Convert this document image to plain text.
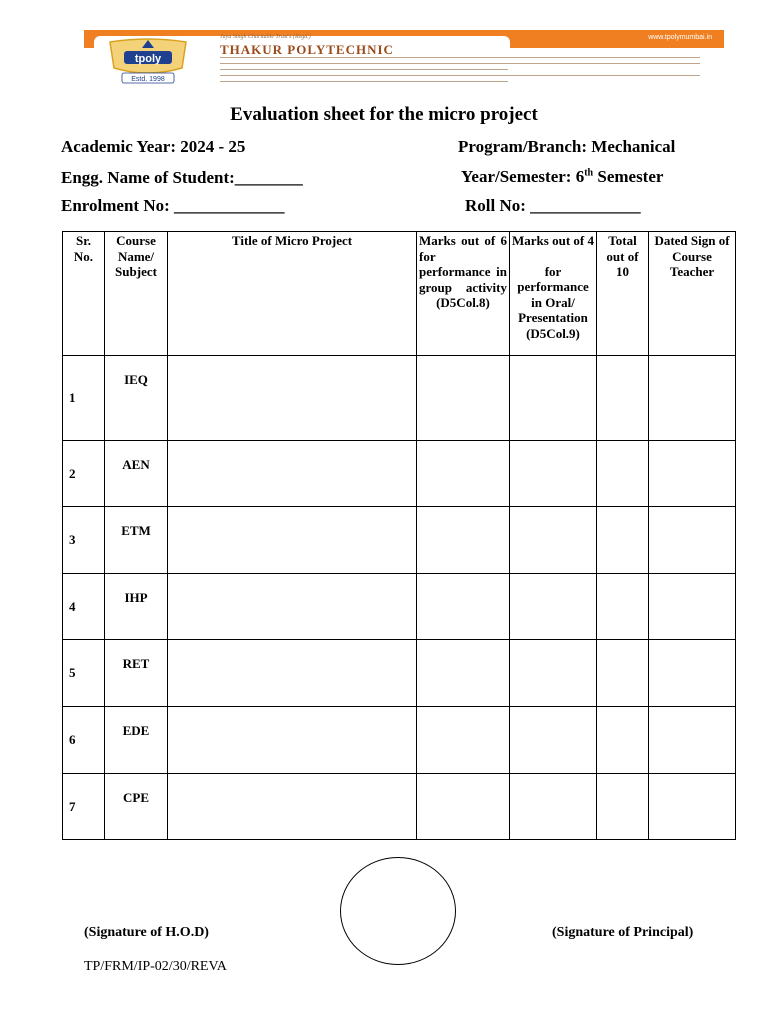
www.tpolymumbai.in
tpoly
Estd. 1998
Jaya Singh Charitable Trust's (Regd.)
THAKUR POLYTECHNIC
Evaluation sheet for the micro project
Academic Year: 2024 - 25	Program/Branch: Mechanical
Engg. Name of Student:________	Year/Semester: 6th Semester
Enrolment No: _____________	Roll No: _____________
Sr. No.	Course Name/ Subject	Title of Micro Project	Marks out of 6 for performance in group activity (D5Col.8)	Marks out of 4
for performance in Oral/ Presentation (D5Col.9)	Total out of 10	Dated Sign of Course Teacher
1	IEQ					
2	AEN					
3	ETM					
4	IHP					
5	RET					
6	EDE					
7	CPE					
(Signature of H.O.D)	(Signature of Principal)
TP/FRM/IP-02/30/REVA
